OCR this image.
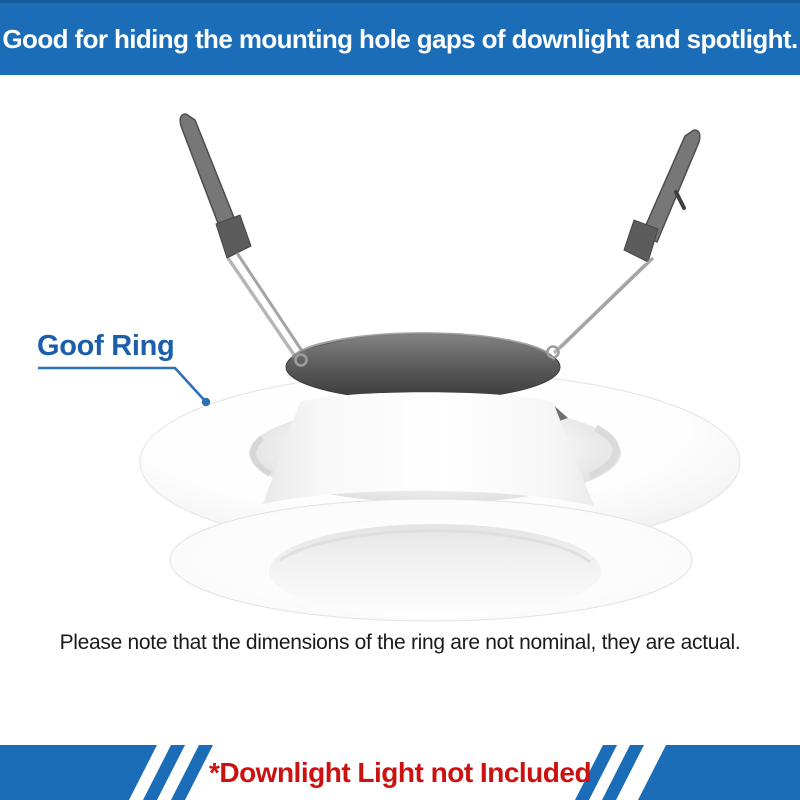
Good for hiding the mounting hole gaps of downlight and spotlight.
Goof Ring
Please note that the dimensions of the ring are not nominal, they are actual.
*Downlight Light not Included
